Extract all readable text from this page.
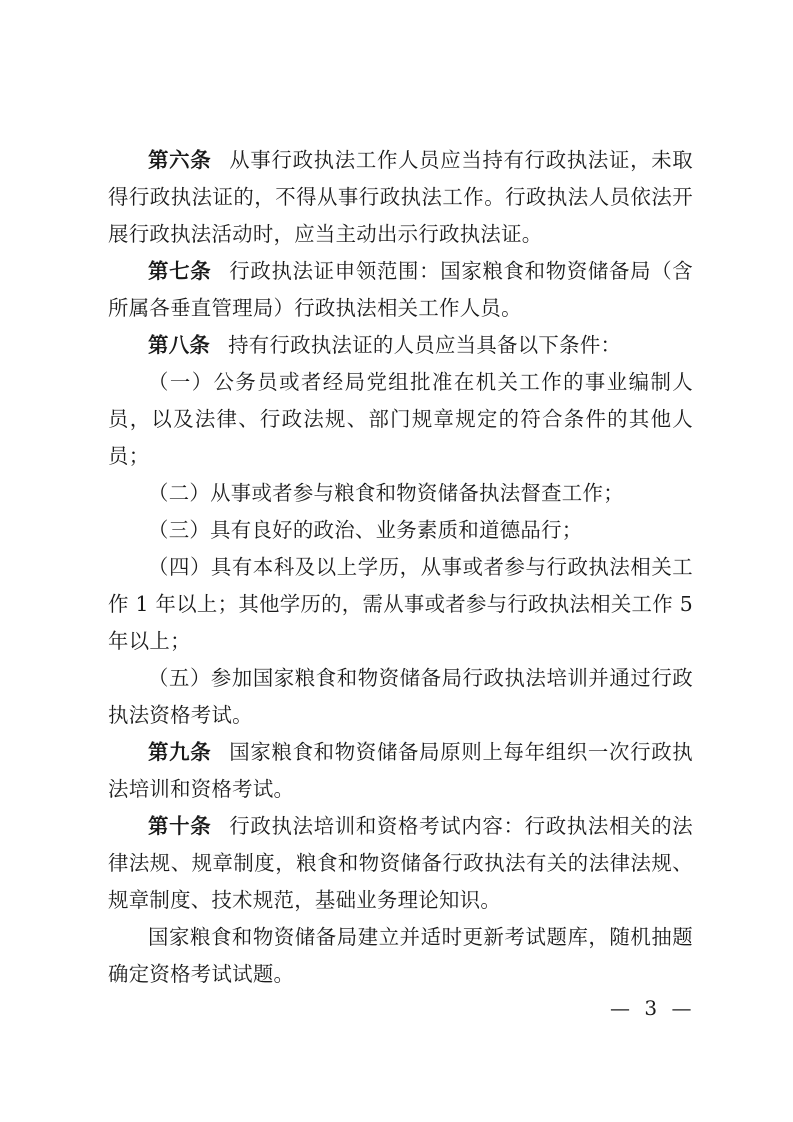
第六条 从事行政执法工作人员应当持有行政执法证，未取得行政执法证的，不得从事行政执法工作。行政执法人员依法开展行政执法活动时，应当主动出示行政执法证。

第七条 行政执法证申领范围：国家粮食和物资储备局（含所属各垂直管理局）行政执法相关工作人员。

第八条 持有行政执法证的人员应当具备以下条件：

（一）公务员或者经局党组批准在机关工作的事业编制人员，以及法律、行政法规、部门规章规定的符合条件的其他人员；

（二）从事或者参与粮食和物资储备执法督查工作；

（三）具有良好的政治、业务素质和道德品行；

（四）具有本科及以上学历，从事或者参与行政执法相关工作 1 年以上；其他学历的，需从事或者参与行政执法相关工作 5 年以上；

（五）参加国家粮食和物资储备局行政执法培训并通过行政执法资格考试。

第九条 国家粮食和物资储备局原则上每年组织一次行政执法培训和资格考试。

第十条 行政执法培训和资格考试内容：行政执法相关的法律法规、规章制度，粮食和物资储备行政执法有关的法律法规、规章制度、技术规范，基础业务理论知识。

国家粮食和物资储备局建立并适时更新考试题库，随机抽题确定资格考试试题。

— 3 —
